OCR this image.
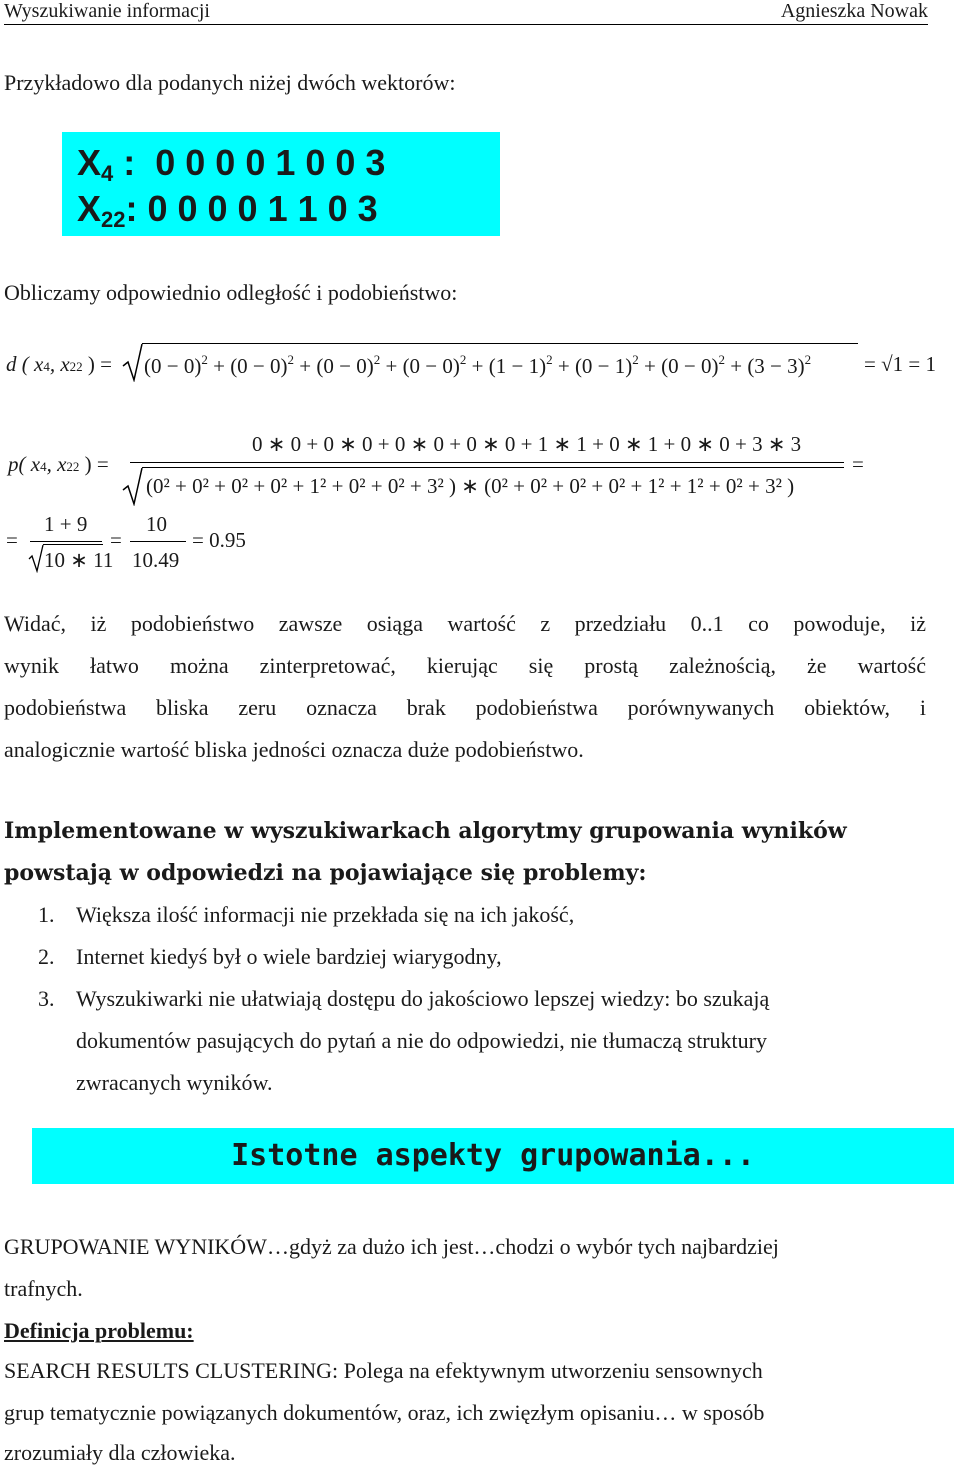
Wyszukiwanie informacji	Agnieszka Nowak

Przykładowo dla podanych niżej dwóch wektorów:

$X_4$ :  0 0 0 0 1 0 0 3
$X_{22}$: 0 0 0 0 1 1 0 3

Obliczamy odpowiednio odległość i podobieństwo:

d ( x4, x22 ) = $(0 - 0)^2 + (0 - 0)^2 + (0 - 0)^2 + (0 - 0)^2 + (1 - 1)^2 + (0 - 1)^2 + (0 - 0)^2 + (3 - 3)^2$	= √1 = 1
p( x4, x22 ) =
0 ∗ 0 + 0 ∗ 0 + 0 ∗ 0 + 0 ∗ 0 + 1 ∗ 1 + 0 ∗ 1 + 0 ∗ 0 + 3 ∗ 3
(0² + 0² + 0² + 0² + 1² + 0² + 0² + 3² ) ∗ (0² + 0² + 0² + 0² + 1² + 1² + 0² + 3² )
=
=
1 + 9
10 ∗ 11
=
10
10.49
= 0.95

Widać, iż podobieństwo zawsze osiąga wartość z przedziału 0..1 co powoduje, iż

wynik łatwo można zinterpretować, kierując się prostą zależnością, że wartość

podobieństwa bliska zeru oznacza brak podobieństwa porównywanych obiektów, i

analogicznie wartość bliska jedności oznacza duże podobieństwo.

Implementowane w wyszukiwarkach algorytmy grupowania wyników

powstają w odpowiedzi na pojawiające się problemy:

1. Większa ilość informacji nie przekłada się na ich jakość,
2. Internet kiedyś był o wiele bardziej wiarygodny,
3. Wyszukiwarki nie ułatwiają dostępu do jakościowo lepszej wiedzy: bo szukają
dokumentów pasujących do pytań a nie do odpowiedzi, nie tłumaczą struktury
zwracanych wyników.
Istotne aspekty grupowania...

GRUPOWANIE WYNIKÓW…gdyż za dużo ich jest…chodzi o wybór tych najbardziej

trafnych.

Definicja problemu:

SEARCH RESULTS CLUSTERING: Polega na efektywnym utworzeniu sensownych

grup tematycznie powiązanych dokumentów, oraz, ich zwięzłym opisaniu… w sposób

zrozumiały dla człowieka.
